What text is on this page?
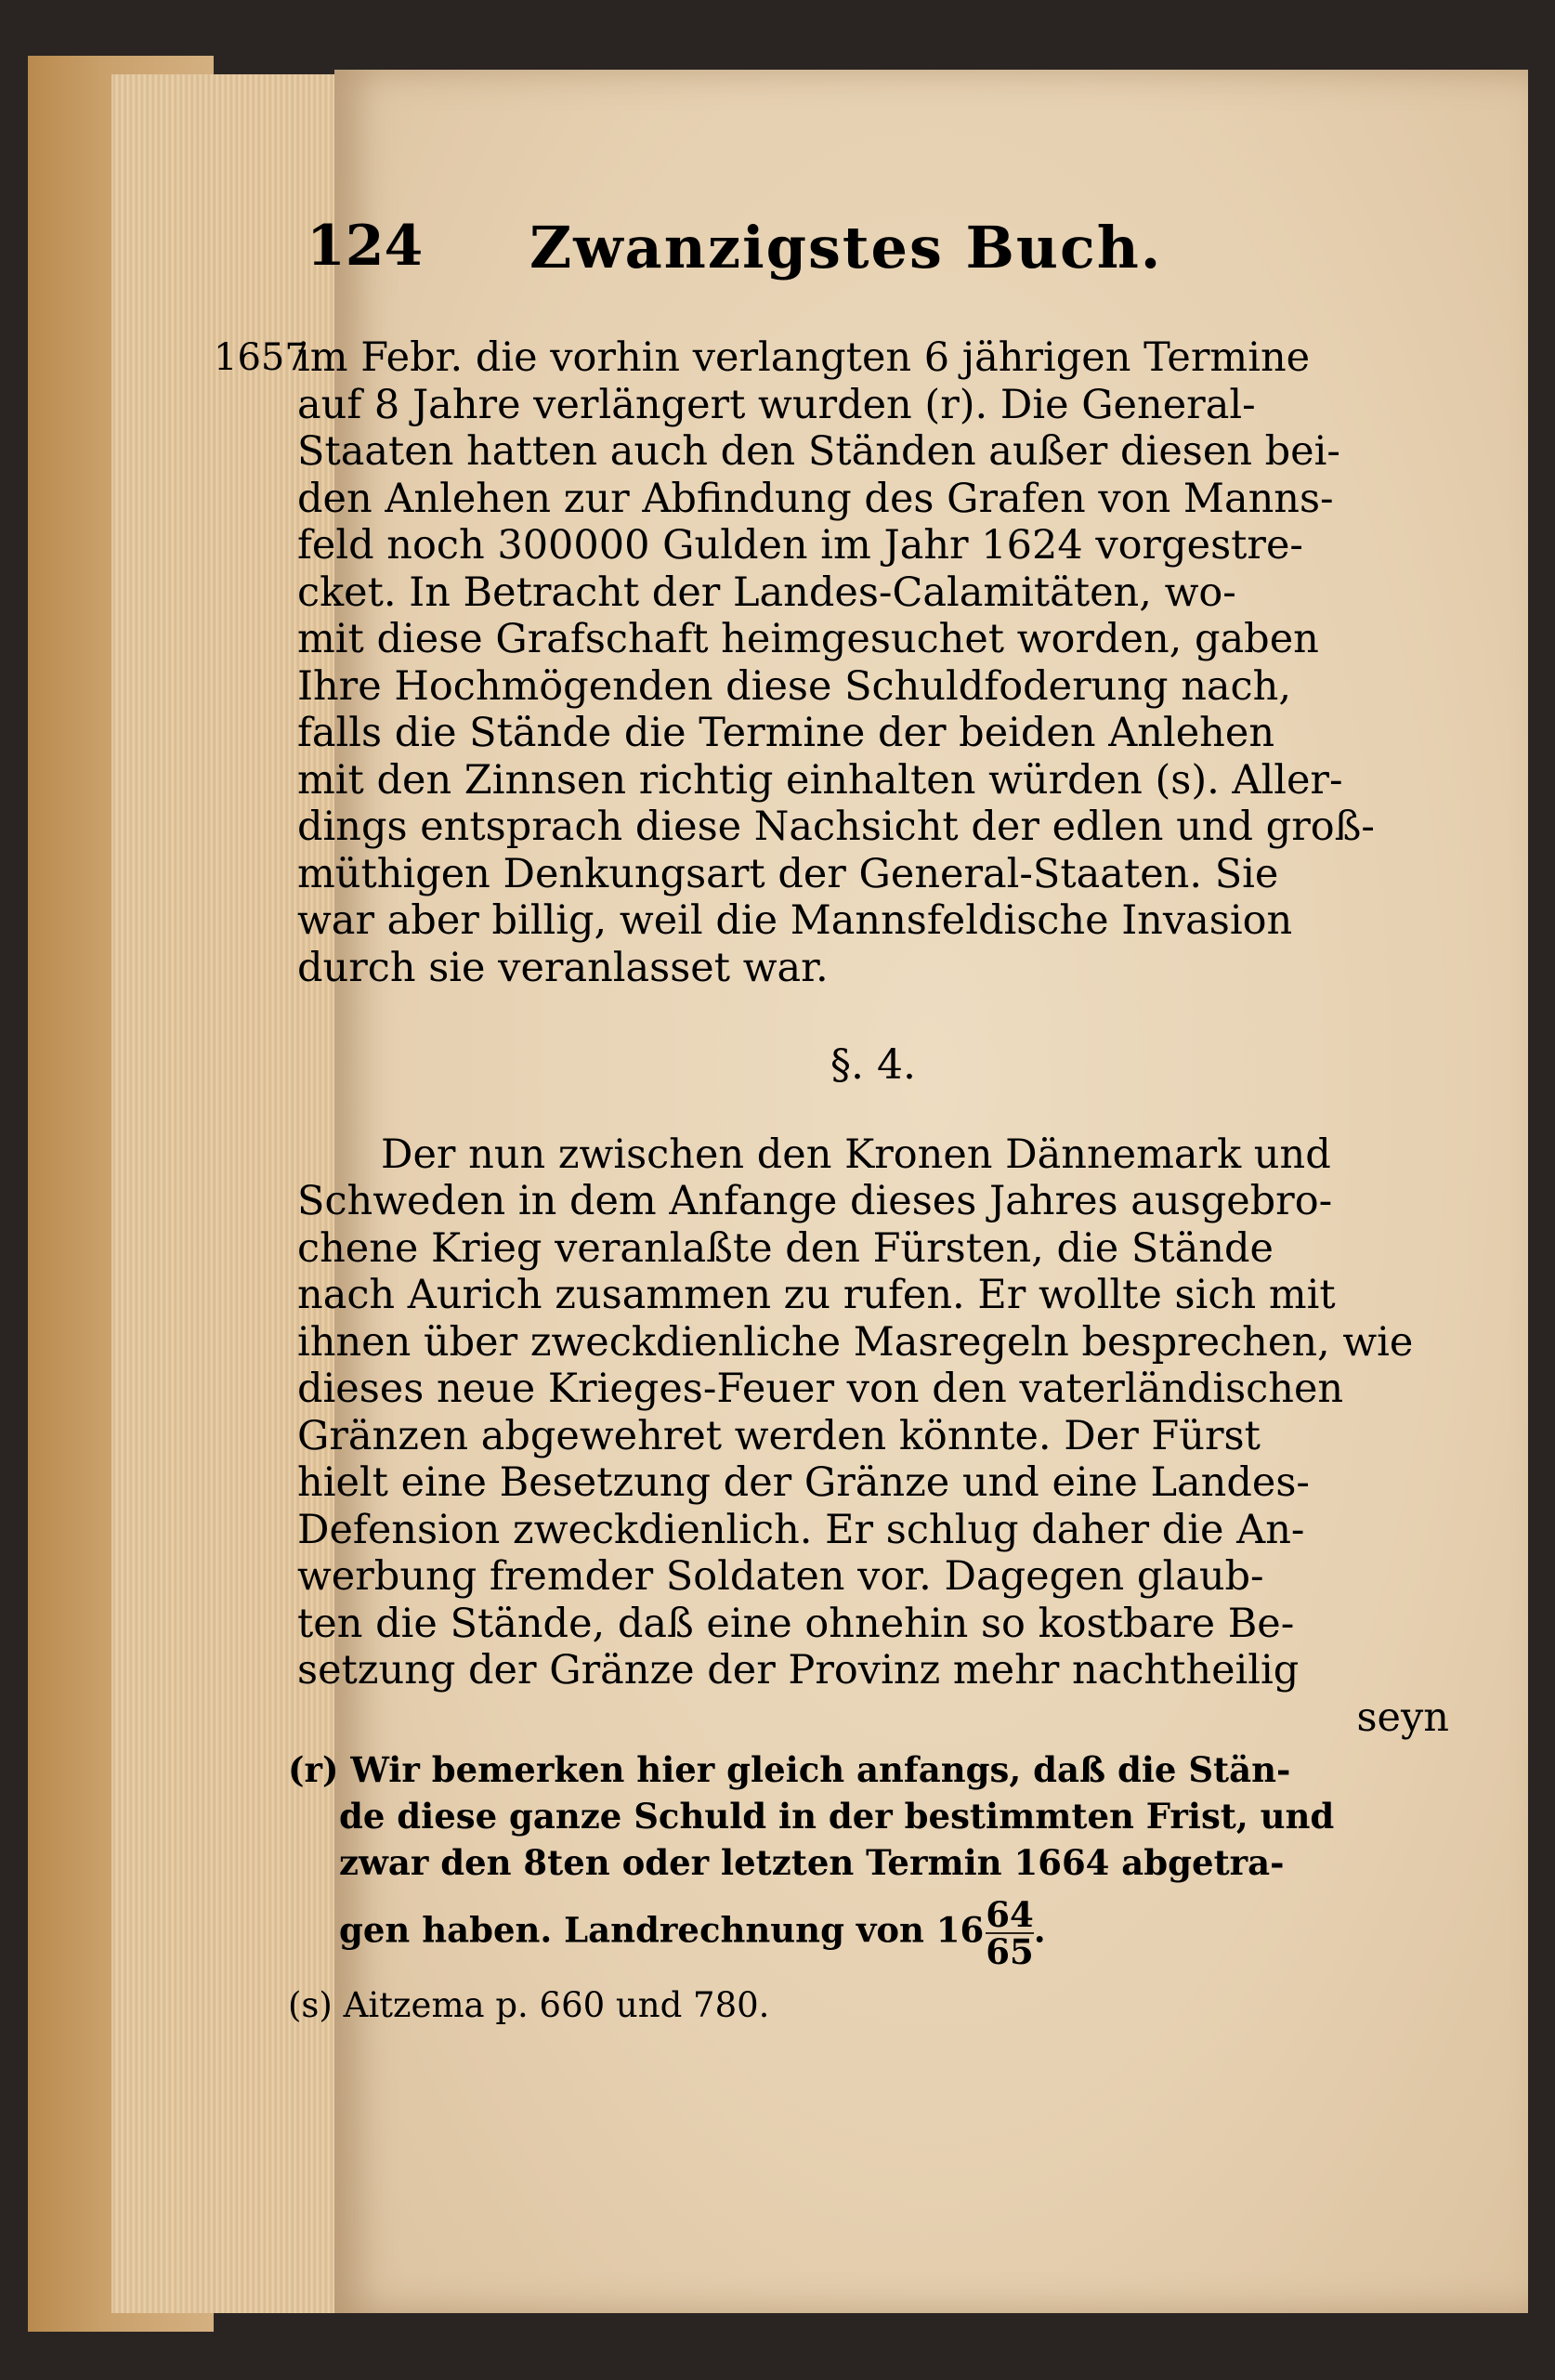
124 Zwanzigstes Buch.
1657
im Febr. die vorhin verlangten 6 jährigen Termine
auf 8 Jahre verlängert wurden (r). Die General-
Staaten hatten auch den Ständen außer diesen bei-
den Anlehen zur Abfindung des Grafen von Manns-
feld noch 300000 Gulden im Jahr 1624 vorgestre-
cket. In Betracht der Landes-Calamitäten, wo-
mit diese Grafschaft heimgesuchet worden, gaben
Ihre Hochmögenden diese Schuldfoderung nach,
falls die Stände die Termine der beiden Anlehen
mit den Zinnsen richtig einhalten würden (s). Aller-
dings entsprach diese Nachsicht der edlen und groß-
müthigen Denkungsart der General-Staaten. Sie
war aber billig, weil die Mannsfeldische Invasion
durch sie veranlasset war.
§. 4.
Der nun zwischen den Kronen Dännemark und
Schweden in dem Anfange dieses Jahres ausgebro-
chene Krieg veranlaßte den Fürsten, die Stände
nach Aurich zusammen zu rufen. Er wollte sich mit
ihnen über zweckdienliche Masregeln besprechen, wie
dieses neue Krieges-Feuer von den vaterländischen
Gränzen abgewehret werden könnte. Der Fürst
hielt eine Besetzung der Gränze und eine Landes-
Defension zweckdienlich. Er schlug daher die An-
werbung fremder Soldaten vor. Dagegen glaub-
ten die Stände, daß eine ohnehin so kostbare Be-
setzung der Gränze der Provinz mehr nachtheilig
seyn
(r) Wir bemerken hier gleich anfangs, daß die Stän-
de diese ganze Schuld in der bestimmten Frist, und
zwar den 8ten oder letzten Termin 1664 abgetra-
gen haben. Landrechnung von $16 \frac{64}{65}$ .
(s) Aitzema p. 660 und 780.
